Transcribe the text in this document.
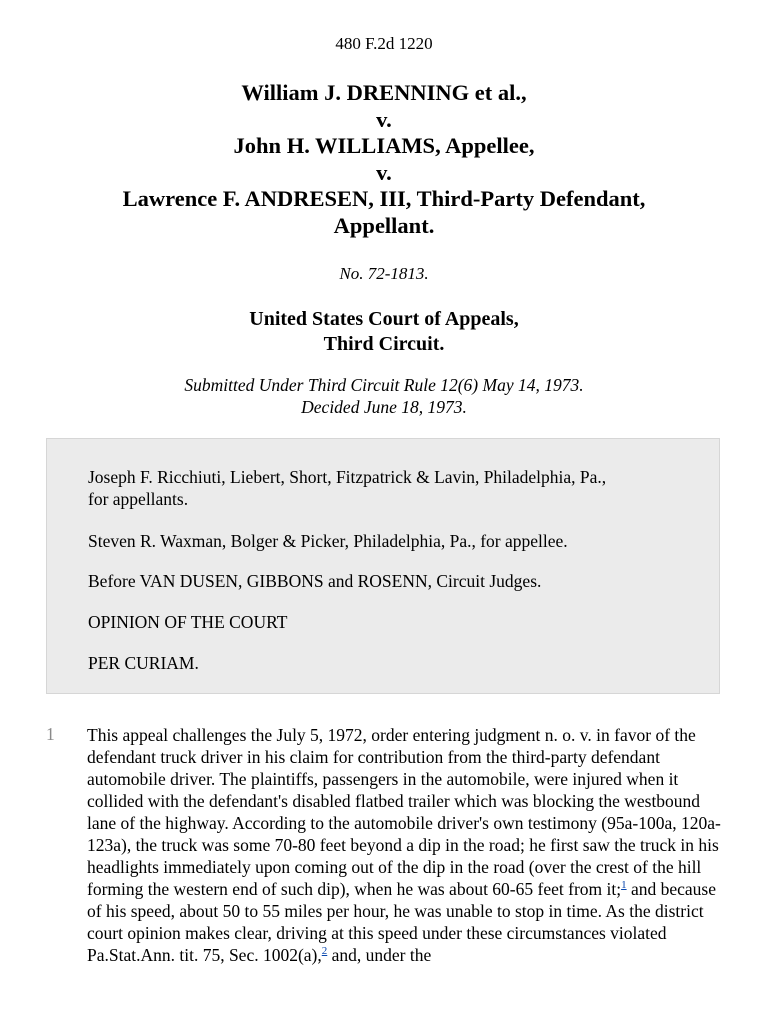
480 F.2d 1220
William J. DRENNING et al.,
v.
John H. WILLIAMS, Appellee,
v.
Lawrence F. ANDRESEN, III, Third-Party Defendant,
Appellant.
No. 72-1813.
United States Court of Appeals,
Third Circuit.
Submitted Under Third Circuit Rule 12(6) May 14, 1973.
Decided June 18, 1973.

Joseph F. Ricchiuti, Liebert, Short, Fitzpatrick & Lavin, Philadelphia, Pa.,
for appellants.

Steven R. Waxman, Bolger & Picker, Philadelphia, Pa., for appellee.

Before VAN DUSEN, GIBBONS and ROSENN, Circuit Judges.

OPINION OF THE COURT

PER CURIAM.

1 This appeal challenges the July 5, 1972, order entering judgment n. o. v. in favor of the defendant truck driver in his claim for contribution from the third-party defendant automobile driver. The plaintiffs, passengers in the automobile, were injured when it collided with the defendant's disabled flatbed trailer which was blocking the westbound lane of the highway. According to the automobile driver's own testimony (95a-100a, 120a-123a), the truck was some 70-80 feet beyond a dip in the road; he first saw the truck in his headlights immediately upon coming out of the dip in the road (over the crest of the hill forming the western end of such dip), when he was about 60-65 feet from it;$^1$ and because of his speed, about 50 to 55 miles per hour, he was unable to stop in time. As the district court opinion makes clear, driving at this speed under these circumstances violated Pa.Stat.Ann. tit. 75, Sec. 1002(a),$^2$ and, under the
